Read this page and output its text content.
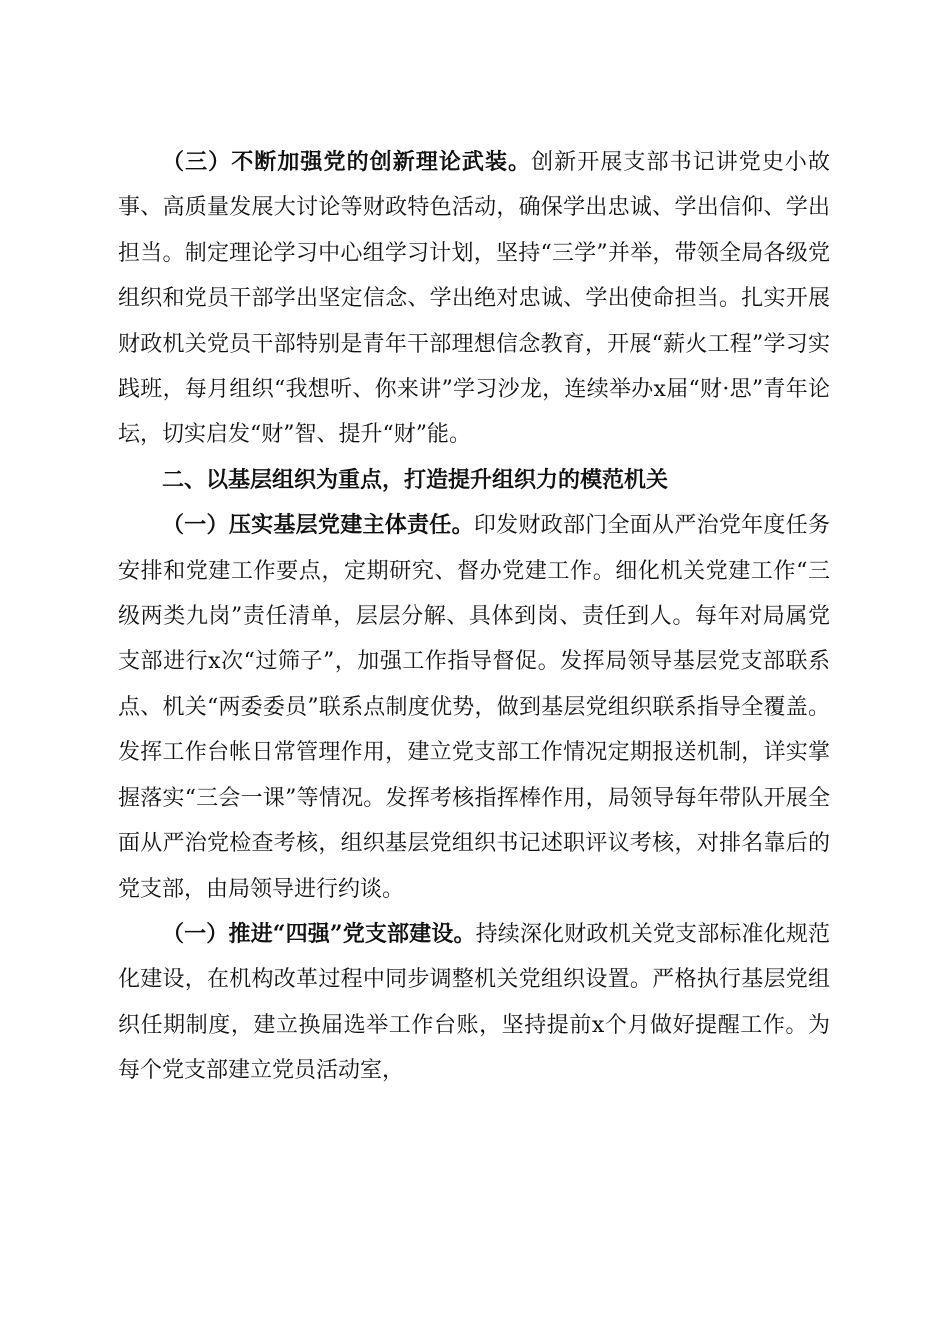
（三）不断加强党的创新理论武装。创新开展支部书记讲党史小故事、高质量发展大讨论等财政特色活动，确保学出忠诚、学出信仰、学出担当。制定理论学习中心组学习计划，坚持“三学”并举，带领全局各级党组织和党员干部学出坚定信念、学出绝对忠诚、学出使命担当。扎实开展财政机关党员干部特别是青年干部理想信念教育，开展“薪火工程”学习实践班，每月组织“我想听、你来讲”学习沙龙，连续举办x届“财·思”青年论坛，切实启发“财”智、提升“财”能。

二、以基层组织为重点，打造提升组织力的模范机关

（一）压实基层党建主体责任。印发财政部门全面从严治党年度任务安排和党建工作要点，定期研究、督办党建工作。细化机关党建工作“三级两类九岗”责任清单，层层分解、具体到岗、责任到人。每年对局属党支部进行x次“过筛子”，加强工作指导督促。发挥局领导基层党支部联系点、机关“两委委员”联系点制度优势，做到基层党组织联系指导全覆盖。发挥工作台帐日常管理作用，建立党支部工作情况定期报送机制，详实掌握落实“三会一课”等情况。发挥考核指挥棒作用，局领导每年带队开展全面从严治党检查考核，组织基层党组织书记述职评议考核，对排名靠后的党支部，由局领导进行约谈。

（一）推进“四强”党支部建设。持续深化财政机关党支部标准化规范化建设，在机构改革过程中同步调整机关党组织设置。严格执行基层党组织任期制度，建立换届选举工作台账，坚持提前x个月做好提醒工作。为每个党支部建立党员活动室，
